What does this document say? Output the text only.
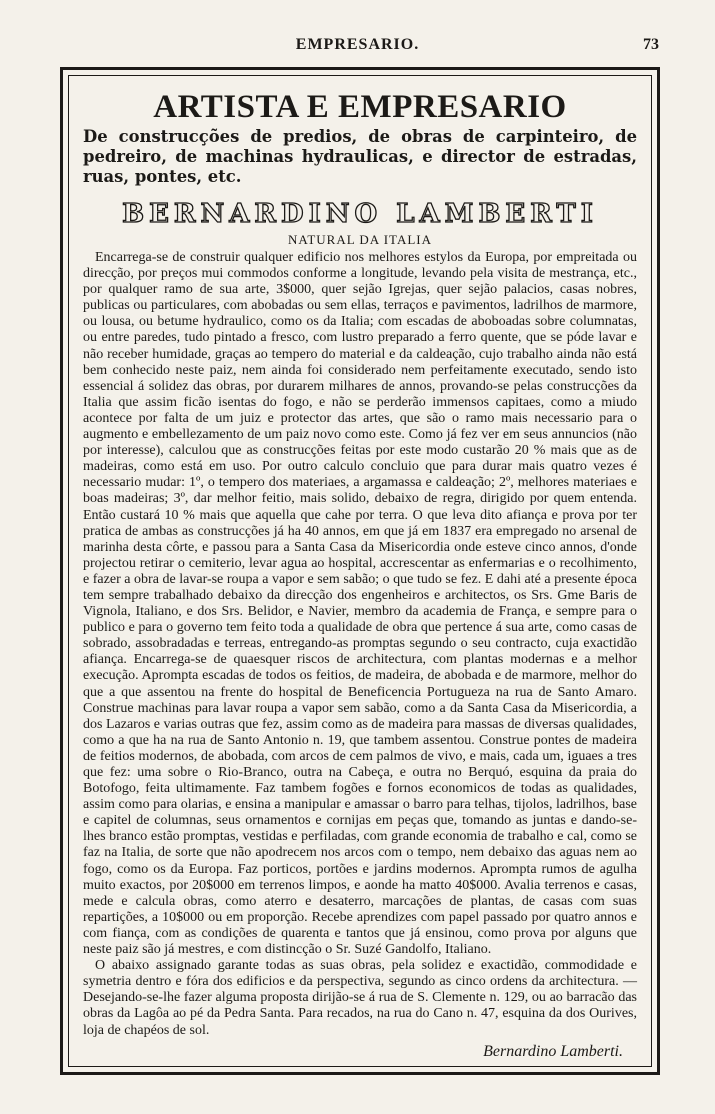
EMPRESARIO.	73
ARTISTA E EMPRESARIO

De construcções de predios, de obras de carpinteiro, de pedreiro, de machinas hydraulicas, e director de estradas, ruas, pontes, etc.

BERNARDINO LAMBERTI
NATURAL DA ITALIA

Encarrega-se de construir qualquer edificio nos melhores estylos da Europa, por empreitada ou direcção, por preços mui commodos conforme a longitude, levando pela visita de mestrança, etc., por qualquer ramo de sua arte, 3$000, quer sejão Igrejas, quer sejão palacios, casas nobres, publicas ou particulares, com abobadas ou sem ellas, terraços e pavimentos, ladrilhos de marmore, ou lousa, ou betume hydraulico, como os da Italia; com escadas de aboboadas sobre columnatas, ou entre paredes, tudo pintado a fresco, com lustro preparado a ferro quente, que se póde lavar e não receber humidade, graças ao tempero do material e da caldeação, cujo trabalho ainda não está bem conhecido neste paiz, nem ainda foi considerado nem perfeitamente executado, sendo isto essencial á solidez das obras, por durarem milhares de annos, provando-se pelas construcções da Italia que assim ficão isentas do fogo, e não se perderão immensos capitaes, como a miudo acontece por falta de um juiz e protector das artes, que são o ramo mais necessario para o augmento e embellezamento de um paiz novo como este. Como já fez ver em seus annuncios (não por interesse), calculou que as construcções feitas por este modo custarão 20 % mais que as de madeiras, como está em uso. Por outro calculo concluio que para durar mais quatro vezes é necessario mudar: 1º, o tempero dos materiaes, a argamassa e caldeação; 2º, melhores materiaes e boas madeiras; 3º, dar melhor feitio, mais solido, debaixo de regra, dirigido por quem entenda. Então custará 10 % mais que aquella que cahe por terra. O que leva dito afiança e prova por ter pratica de ambas as construcções já ha 40 annos, em que já em 1837 era empregado no arsenal de marinha desta côrte, e passou para a Santa Casa da Misericordia onde esteve cinco annos, d'onde projectou retirar o cemiterio, levar agua ao hospital, accrescentar as enfermarias e o recolhimento, e fazer a obra de lavar-se roupa a vapor e sem sabão; o que tudo se fez. E dahi até a presente época tem sempre trabalhado debaixo da direcção dos engenheiros e architectos, os Srs. Gme Baris de Vignola, Italiano, e dos Srs. Belidor, e Navier, membro da academia de França, e sempre para o publico e para o governo tem feito toda a qualidade de obra que pertence á sua arte, como casas de sobrado, assobradadas e terreas, entregando-as promptas segundo o seu contracto, cuja exactidão afiança. Encarrega-se de quaesquer riscos de architectura, com plantas modernas e a melhor execução. Apromptа escadas de todos os feitios, de madeira, de abobada e de marmore, melhor do que a que assentou na frente do hospital de Beneficencia Portugueza na rua de Santo Amaro. Construe machinas para lavar roupa a vapor sem sabão, como a da Santa Casa da Misericordia, a dos Lazaros e varias outras que fez, assim como as de madeira para massas de diversas qualidades, como a que ha na rua de Santo Antonio n. 19, que tambem assentou. Construe pontes de madeira de feitios modernos, de abobada, com arcos de cem palmos de vivo, e mais, cada um, iguaes a tres que fez: uma sobre o Rio-Branco, outra na Cabeça, e outra no Berquó, esquina da praia do Botofogo, feita ultimamente. Faz tambem fogões e fornos economicos de todas as qualidades, assim como para olarias, e ensina a manipular e amassar o barro para telhas, tijolos, ladrilhos, base e capitel de columnas, seus ornamentos e cornijas em peças que, tomando as juntas e dando-se-lhes branco estão promptas, vestidas e perfiladas, com grande economia de trabalho e cal, como se faz na Italia, de sorte que não apodrecem nos arcos com o tempo, nem debaixo das aguas nem ao fogo, como os da Europa. Faz porticos, portões e jardins modernos. Apromptа rumos de agulha muito exactos, por 20$000 em terrenos limpos, e aonde ha matto 40$000. Avalia terrenos e casas, mede e calcula obras, como aterro e desaterro, marcações de plantas, de casas com suas repartições, a 10$000 ou em proporção. Recebe aprendizes com papel passado por quatro annos e com fiança, com as condições de quarenta e tantos que já ensinou, como prova por alguns que neste paiz são já mestres, e com distincção o Sr. Suzé Gandolfo, Italiano.

O abaixo assignado garante todas as suas obras, pela solidez e exactidão, commodidade e symetria dentro e fóra dos edificios e da perspectiva, segundo as cinco ordens da architectura. — Desejando-se-lhe fazer alguma proposta dirijão-se á rua de S. Clemente n. 129, ou ao barracão das obras da Lagôa ao pé da Pedra Santa. Para recados, na rua do Cano n. 47, esquina da dos Ourives, loja de chapéos de sol.

Bernardino Lamberti.
